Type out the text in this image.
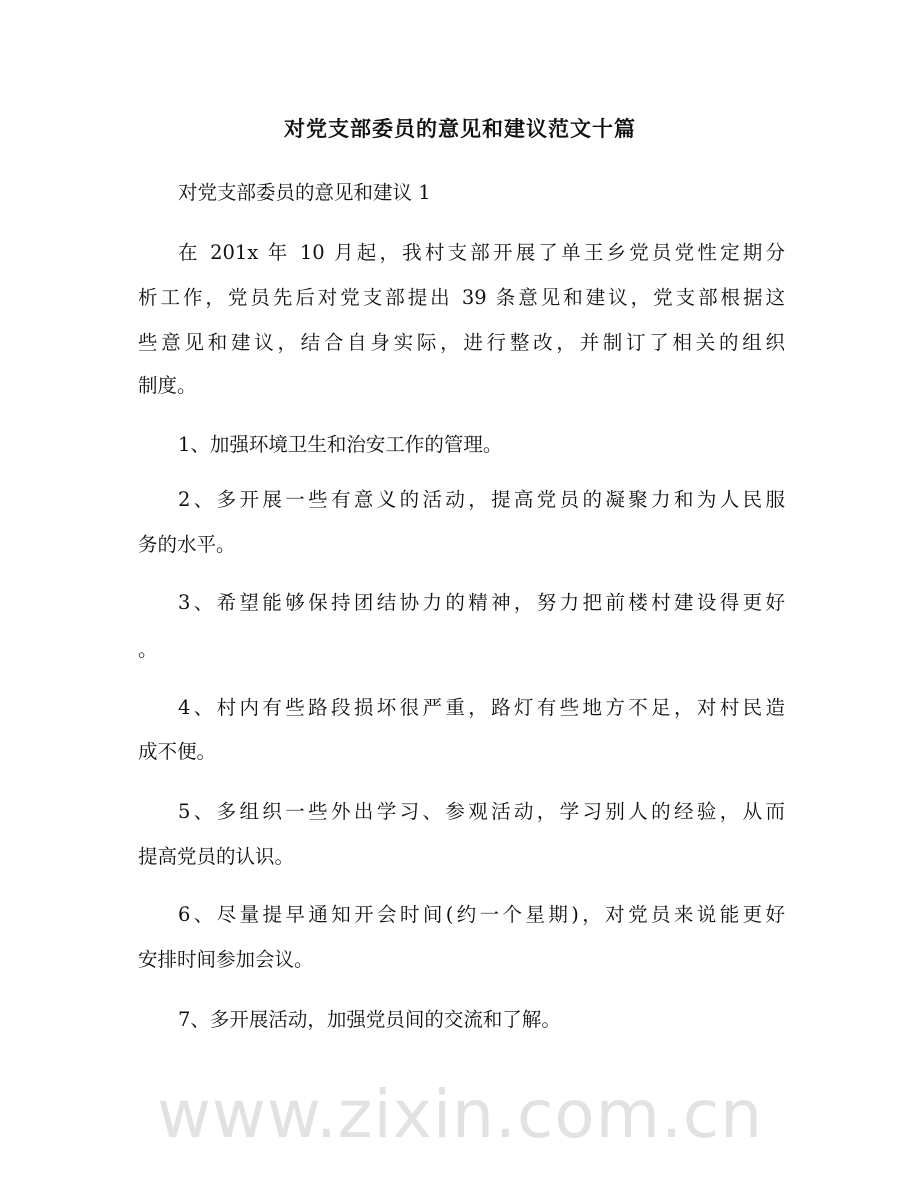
对党支部委员的意见和建议范文十篇
对党支部委员的意见和建议 1
在 201x 年 10 月起，我村支部开展了单王乡党员党性定期分
析工作，党员先后对党支部提出 39 条意见和建议，党支部根据这
些意见和建议，结合自身实际，进行整改，并制订了相关的组织
制度。
1、加强环境卫生和治安工作的管理。
2、多开展一些有意义的活动，提高党员的凝聚力和为人民服
务的水平。
3、希望能够保持团结协力的精神，努力把前楼村建设得更好
。
4、村内有些路段损坏很严重，路灯有些地方不足，对村民造
成不便。
5、多组织一些外出学习、参观活动，学习别人的经验，从而
提高党员的认识。
6、尽量提早通知开会时间(约一个星期)，对党员来说能更好
安排时间参加会议。
7、多开展活动，加强党员间的交流和了解。
www.zixin.com.cn
